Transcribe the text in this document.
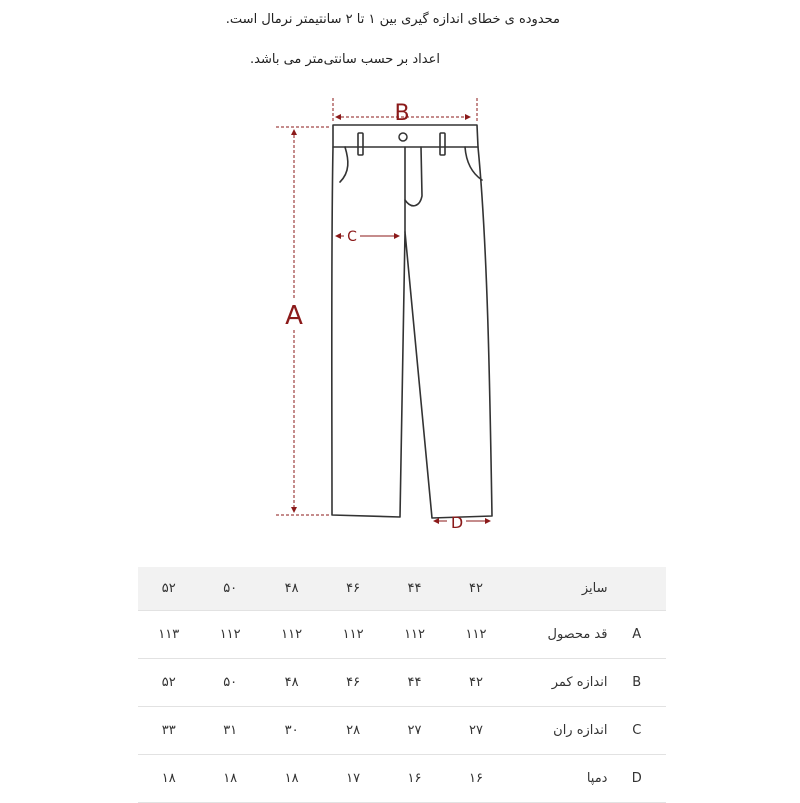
محدوده ی خطای اندازه گیری بین ۱ تا ۲ سانتیمتر نرمال است.
اعداد بر حسب سانتی‌متر می باشد.
A
B
C
D
۵۲	۵۰	۴۸	۴۶	۴۴	۴۲	سایز	
۱۱۳	۱۱۲	۱۱۲	۱۱۲	۱۱۲	۱۱۲	قد محصول	A
۵۲	۵۰	۴۸	۴۶	۴۴	۴۲	اندازه کمر	B
۳۳	۳۱	۳۰	۲۸	۲۷	۲۷	اندازه ران	C
۱۸	۱۸	۱۸	۱۷	۱۶	۱۶	دمپا	D
